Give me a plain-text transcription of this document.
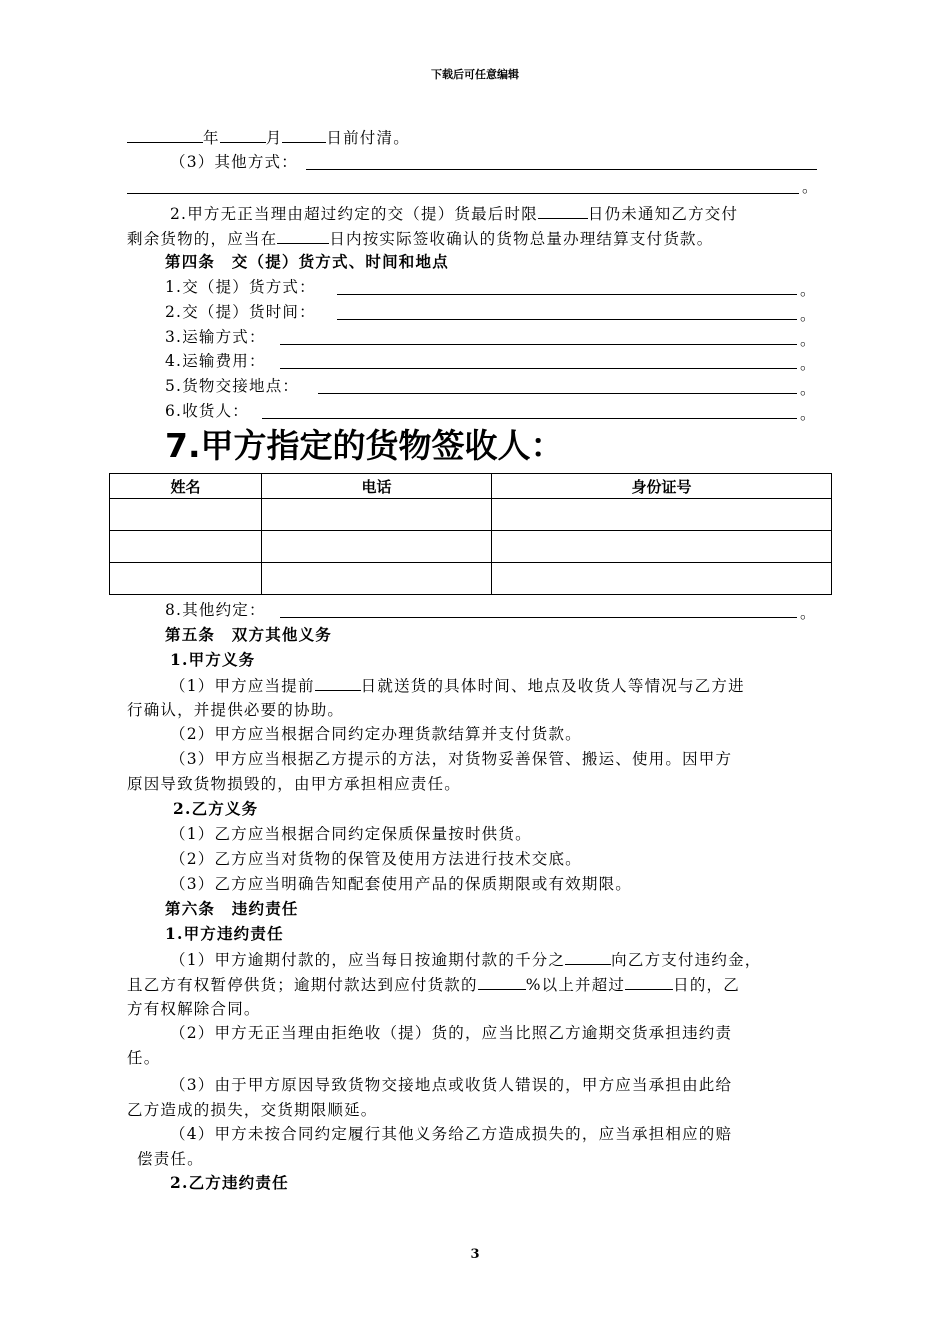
下载后可任意编辑
年	月	日前付清。
（3）其他方式：
。
2.甲方无正当理由超过约定的交（提）货最后时限	日仍未通知乙方交付
剩余货物的，应当在	日内按实际签收确认的货物总量办理结算支付货款。
第四条　交（提）货方式、时间和地点
1.交（提）货方式：	。
2.交（提）货时间：	。
3.运输方式：	。
4.运输费用：	。
5.货物交接地点：	。
6.收货人：	。
7.甲方指定的货物签收人：
姓名	电话	身份证号

8.其他约定：	。
第五条　双方其他义务
1.甲方义务
（1）甲方应当提前	日就送货的具体时间、地点及收货人等情况与乙方进
行确认，并提供必要的协助。
（2）甲方应当根据合同约定办理货款结算并支付货款。
（3）甲方应当根据乙方提示的方法，对货物妥善保管、搬运、使用。因甲方
原因导致货物损毁的，由甲方承担相应责任。
2.乙方义务
（1）乙方应当根据合同约定保质保量按时供货。
（2）乙方应当对货物的保管及使用方法进行技术交底。
（3）乙方应当明确告知配套使用产品的保质期限或有效期限。
第六条　违约责任
1.甲方违约责任
（1）甲方逾期付款的，应当每日按逾期付款的千分之	向乙方支付违约金，
且乙方有权暂停供货；逾期付款达到应付货款的	%以上并超过	日的，乙
方有权解除合同。
（2）甲方无正当理由拒绝收（提）货的，应当比照乙方逾期交货承担违约责
任。
（3）由于甲方原因导致货物交接地点或收货人错误的，甲方应当承担由此给
乙方造成的损失，交货期限顺延。
（4）甲方未按合同约定履行其他义务给乙方造成损失的，应当承担相应的赔
偿责任。
2.乙方违约责任
3
